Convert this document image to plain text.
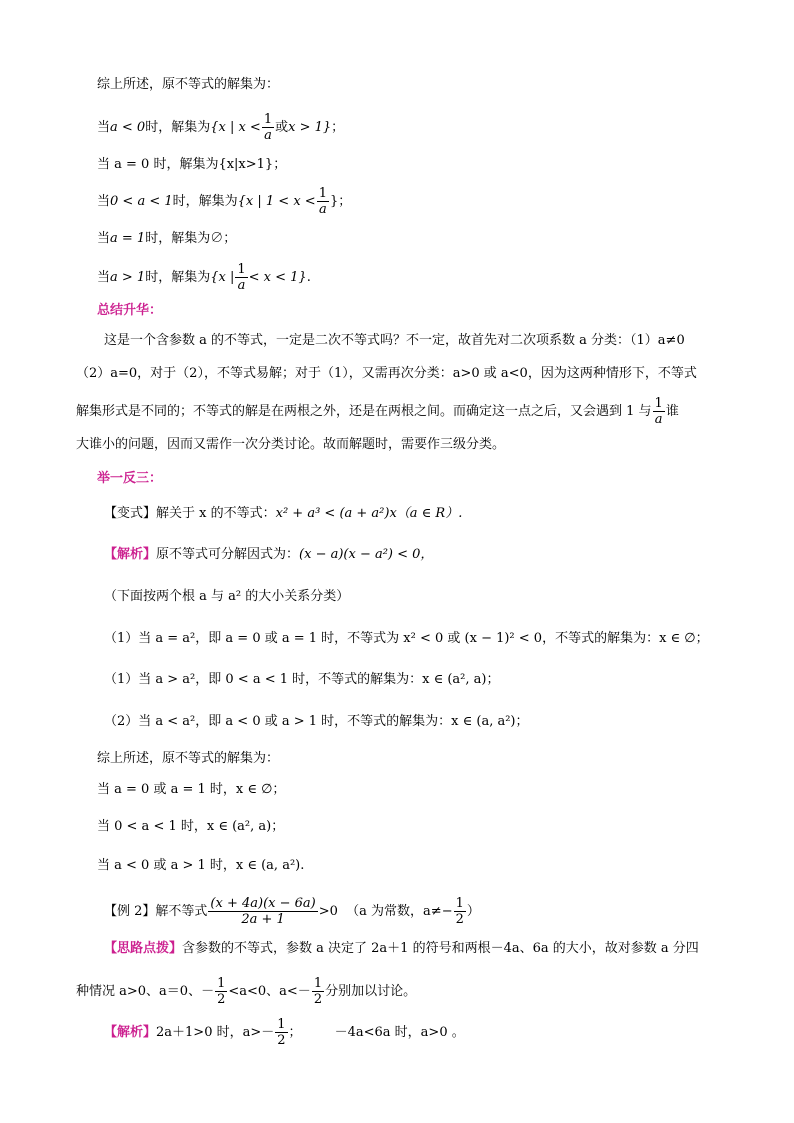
综上所述，原不等式的解集为：
当a < 0时，解集为{x | $x < \frac{1}{a}$ 或x > 1}；
当 a = 0 时，解集为{x|x>1}；
当0 < a < 1时，解集为{x | $1 < x < \frac{1}{a}$ }；
当a = 1时，解集为∅；
当a > 1时，解集为{x | $\frac{1}{a} < x < 1$}.
总结升华：
这是一个含参数 a 的不等式，一定是二次不等式吗？不一定，故首先对二次项系数 a 分类：（1）a≠0
（2）a=0，对于（2），不等式易解；对于（1），又需再次分类：a>0 或 a<0，因为这两种情形下，不等式
解集形式是不同的；不等式的解是在两根之外，还是在两根之间。而确定这一点之后，又会遇到 1 与 $\frac{1}{a}$ 谁
大谁小的问题，因而又需作一次分类讨论。故而解题时，需要作三级分类。
举一反三：
【变式】解关于 x 的不等式：x² + a³ < (a + a²)x（a ∈ R）.
【解析】原不等式可分解因式为：(x − a)(x − a²) < 0，
（下面按两个根 a 与 a² 的大小关系分类）
（1）当 a = a²，即 a = 0 或 a = 1 时，不等式为 x² < 0 或 (x − 1)² < 0，不等式的解集为：x ∈ ∅；
（1）当 a > a²，即 0 < a < 1 时，不等式的解集为：x ∈ (a², a)；
（2）当 a < a²，即 a < 0 或 a > 1 时，不等式的解集为：x ∈ (a, a²)；
综上所述，原不等式的解集为：
当 a = 0 或 a = 1 时，x ∈ ∅；
当 0 < a < 1 时，x ∈ (a², a)；
当 a < 0 或 a > 1 时，x ∈ (a, a²).
【例 2】解不等式 $\frac{(x + 4a)(x - 6a)}{2a + 1} >0$ （a 为常数，$a\ne- \frac{1}{2}$ ）
【思路点拨】含参数的不等式，参数 a 决定了 2a＋1 的符号和两根－4a、6a 的大小，故对参数 a 分四
种情况 a>0、a＝0、－ $\frac{1}{2} <a<0$、$a<- \frac{1}{2}$ 分别加以讨论。
【解析】2a＋1>0 时，$a>- \frac{1}{2}$ ；	－4a<6a 时，a>0 。
